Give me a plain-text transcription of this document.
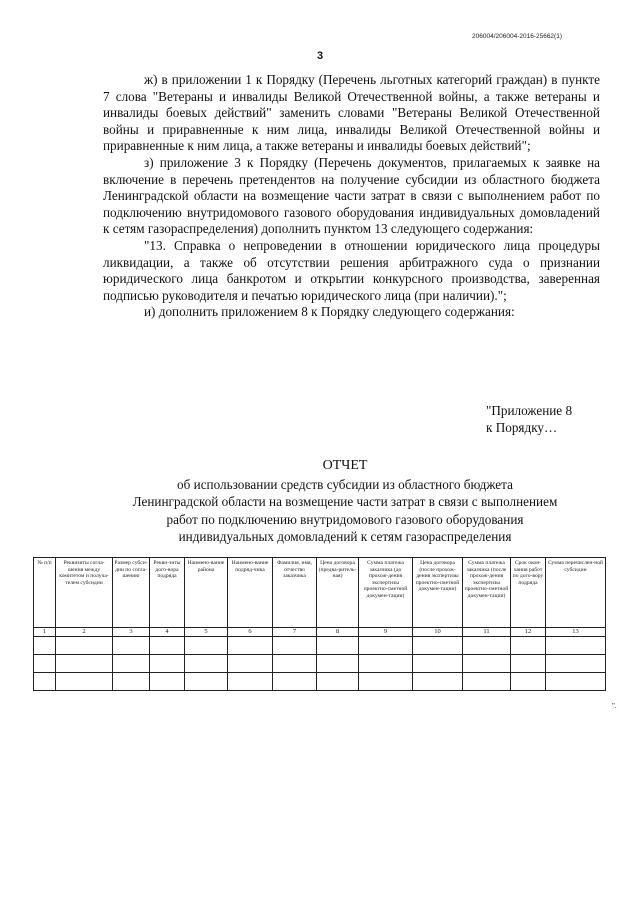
206004/206004-2016-25662(1)
3

ж) в приложении 1 к Порядку (Перечень льготных категорий граждан) в пункте 7 слова "Ветераны и инвалиды Великой Отечественной войны, а также ветераны и инвалиды боевых действий" заменить словами "Ветераны Великой Отечественной войны и приравненные к ним лица, инвалиды Великой Отечественной войны и приравненные к ним лица, а также ветераны и инвалиды боевых действий";

з) приложение 3 к Порядку (Перечень документов, прилагаемых к заявке на включение в перечень претендентов на получение субсидии из областного бюджета Ленинградской области на возмещение части затрат в связи с выполнением работ по подключению внутридомового газового оборудования индивидуальных домовладений к сетям газораспределения) дополнить пунктом 13 следующего содержания:

"13. Справка о непроведении в отношении юридического лица процедуры ликвидации, а также об отсутствии решения арбитражного суда о признании юридического лица банкротом и открытии конкурсного производства, заверенная подписью руководителя и печатью юридического лица (при наличии).";

и) дополнить приложением 8 к Порядку следующего содержания:

"Приложение 8
к Порядку…
ОТЧЕТ
об использовании средств субсидии из областного бюджета
Ленинградской области на возмещение части затрат в связи с выполнением
работ по подключению внутридомового газового оборудования
индивидуальных домовладений к сетям газораспределения
№ п/п	Реквизиты согла-шения между комитетом и получа-телем субсидии	Размер субси-дии по согла-шению	Рекви-зиты дого-вора подряда	Наимено-вание района	Наимено-вание подряд-чика	Фамилия, имя, отчество заказчика	Цена договора (предва-ритель-ная)	Сумма платежа заказчика (до прохож-дения экспертизы проектно-сметной докумен-тации)	Цена договора (после прохож-дения экспертизы проектно-сметной докумен-тации)	Сумма платежа заказчика (после прохож-дения экспертизы проектно-сметной докумен-тации)	Срок окон-чания работ по дого-вору подряда	Сумма перечислен-ной субсидии
1	2	3	4	5	6	7	8	9	10	11	12	13

".
